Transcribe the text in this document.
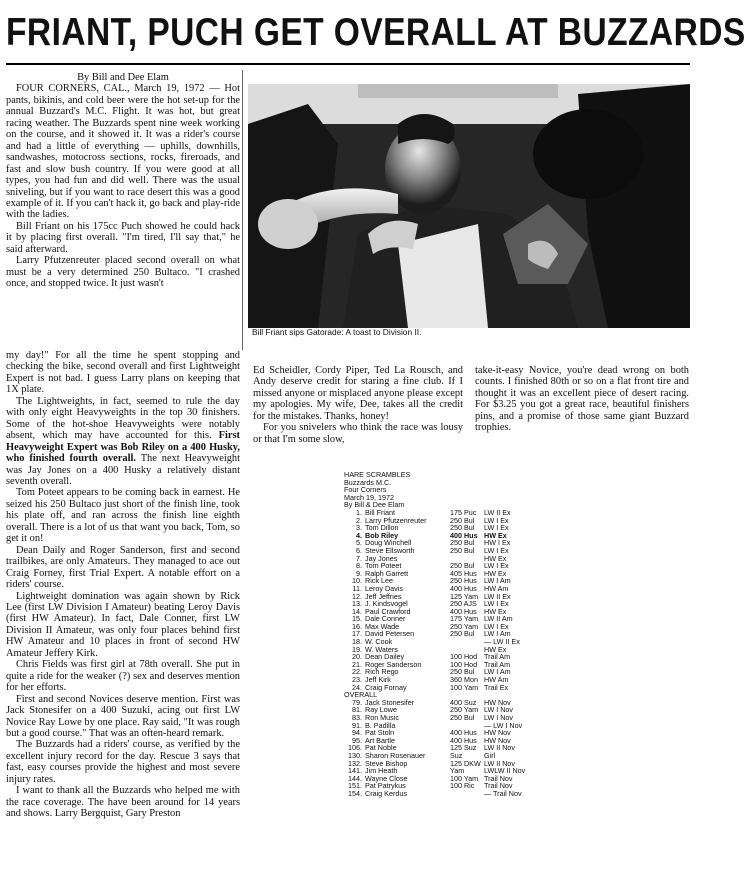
FRIANT, PUCH GET OVERALL AT BUZZARDS

By Bill and Dee Elam

FOUR CORNERS, CAL., March 19, 1972 — Hot pants, bikinis, and cold beer were the hot set-up for the annual Buzzard's M.C. Flight. It was hot, but great racing weather. The Buzzards spent nine week working on the course, and it showed it. It was a rider's course and had a little of everything — uphills, downhills, sandwashes, motocross sections, rocks, fireroads, and fast and slow bush country. If you were good at all types, you had fun and did well. There was the usual sniveling, but if you want to race desert this was a good example of it. If you can't hack it, go back and play-ride with the ladies.

Bill Friant on his 175cc Puch showed he could hack it by placing first overall. "I'm tired, I'll say that," he said afterward.

Larry Pfutzenreuter placed second overall on what must be a very determined 250 Bultaco. "I crashed once, and stopped twice. It just wasn't

my day!" For all the time he spent stopping and checking the bike, second overall and first Lightweight Expert is not bad. I guess Larry plans on keeping that 1X plate.

The Lightweights, in fact, seemed to rule the day with only eight Heavyweights in the top 30 finishers. Some of the hot-shoe Heavyweights were notably absent, which may have accounted for this. First Heavyweight Expert was Bob Riley on a 400 Husky, who finished fourth overall. The next Heavyweight was Jay Jones on a 400 Husky a relatively distant seventh overall.

Tom Poteet appears to be coming back in earnest. He seized his 250 Bultaco just short of the finish line, took his plate off, and ran across the finish line eighth overall. There is a lot of us that want you back, Tom, so get it on!

Dean Daily and Roger Sanderson, first and second trailbikes, are only Amateurs. They managed to ace out Craig Forney, first Trial Expert. A notable effort on a riders' course.

Lightweight domination was again shown by Rick Lee (first LW Division I Amateur) beating Leroy Davis (first HW Amateur). In fact, Dale Conner, first LW Division II Amateur, was only four places behind first HW Amateur and 10 places in front of second HW Amateur Jeffery Kirk.

Chris Fields was first girl at 78th overall. She put in quite a ride for the weaker (?) sex and deserves mention for her efforts.

First and second Novices deserve mention. First was Jack Stonesifer on a 400 Suzuki, acing out first LW Novice Ray Lowe by one place. Ray said, "It was rough but a good course." That was an often-heard remark.

The Buzzards had a riders' course, as verified by the excellent injury record for the day. Rescue 3 says that fast, easy courses provide the highest and most severe injury rates.

I want to thank all the Buzzards who helped me with the race coverage. The have been around for 14 years and shows. Larry Bergquist, Gary Preston

Bill Friant sips Gatorade: A toast to Division II.

Ed Scheidler, Cordy Piper, Ted La Rousch, and Andy deserve credit for staring a fine club. If I missed anyone or misplaced anyone please except my apologies. My wife, Dee, takes all the credit for the mistakes. Thanks, honey!

For you snivelers who think the race was lousy or that I'm some slow,

take-it-easy Novice, you're dead wrong on both counts. I finished 80th or so on a flat front tire and thought it was an excellent piece of desert racing. For $3.25 you got a great race, beautiful finishers pins, and a promise of those same giant Buzzard trophies.

HARE SCRAMBLES
Buzzards M.C.
Four Corners
March 19, 1972
By Bill & Dee Elam
1. Bill Friant	175 Puc	LW II Ex
2. Larry Pfutzenreuter	250 Bul	LW I Ex
3. Tom Dillon	250 Bul	LW I Ex
4. Bob Riley	400 Hus HW Ex
5. Doug Winchell	250 Bul	HW I Ex
6. Steve Ellsworth	250 Bul	LW I Ex
7. Jay Jones	HW Ex
8. Tom Poteet	250 Bul	LW I Ex
9. Ralph Garrett	405 Hus	HW Ex
10. Rick Lee	250 Hus	LW I Am
11. Leroy Davis	400 Hus	HW Am
12. Jeff Jeffries	125 Yam LW II Ex
13. J. Kindsvogel	250 AJS	LW I Ex
14. Paul Crawford	400 Hus	HW Ex
15. Dale Conner	175 Yam LW II Am
16. Max Wade	250 Yam LW I Ex
17. David Petersen	250 Bul	LW I Am
18. W. Cook	— LW II Ex
19. W. Waters	HW Ex
20. Dean Dailey	100 Hod Trail Am
21. Roger Sanderson	100 Hod Trail Am
22. Rich Rego	250 Bul	LW I Am
23. Jeff Kirk	360 Mon HW Am
24. Craig Fornay	100 Yam Trail Ex
OVERALL
79. Jack Stonesifer	400 Suz	HW Nov
81. Ray Lowe	250 Yam LW I Nov
83. Ron Music	250 Bul	LW I Nov
91. B. Padilla	— LW I Nov
94. Pat Stoln	400 Hus	HW Nov
95. Art Bartle	400 Hus	HW Nov
106. Pat Noble	125 Suz	LW II Nov
130. Sharon Rosenauer	Suz	Girl
132. Steve Bishop	125 DKW LW II Nov
141. Jim Heath	Yam	LWLW II Nov
144. Wayne Close	100 Yam Trail Nov
151. Pat Patrykus	100 Ric	Trail Nov
154. Craig Kerdus	— Trail Nov
